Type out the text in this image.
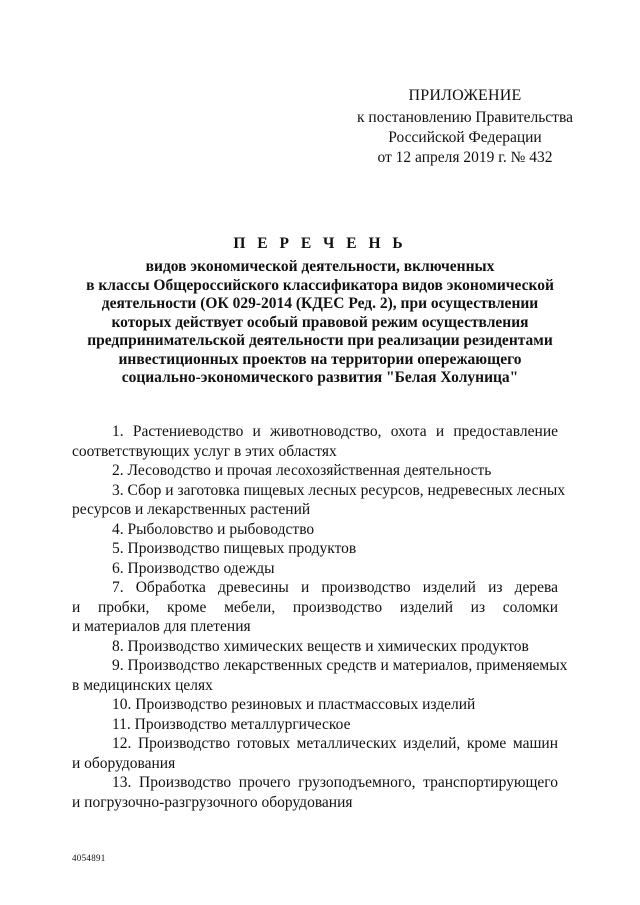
ПРИЛОЖЕНИЕ
к постановлению Правительства
Российской Федерации
от 12 апреля 2019 г. № 432
П Е Р Е Ч Е Н Ь
видов экономической деятельности, включенных
в классы Общероссийского классификатора видов экономической
деятельности (ОК 029-2014 (КДЕС Ред. 2), при осуществлении
которых действует особый правовой режим осуществления
предпринимательской деятельности при реализации резидентами
инвестиционных проектов на территории опережающего
социально-экономического развития "Белая Холуница"
1. Растениеводство и животноводство, охота и предоставление
соответствующих услуг в этих областях
2. Лесоводство и прочая лесохозяйственная деятельность
3. Сбор и заготовка пищевых лесных ресурсов, недревесных лесных
ресурсов и лекарственных растений
4. Рыболовство и рыбоводство
5. Производство пищевых продуктов
6. Производство одежды
7. Обработка древесины и производство изделий из дерева
и пробки, кроме мебели, производство изделий из соломки
и материалов для плетения
8. Производство химических веществ и химических продуктов
9. Производство лекарственных средств и материалов, применяемых
в медицинских целях
10. Производство резиновых и пластмассовых изделий
11. Производство металлургическое
12. Производство готовых металлических изделий, кроме машин
и оборудования
13. Производство прочего грузоподъемного, транспортирующего
и погрузочно-разгрузочного оборудования
4054891
